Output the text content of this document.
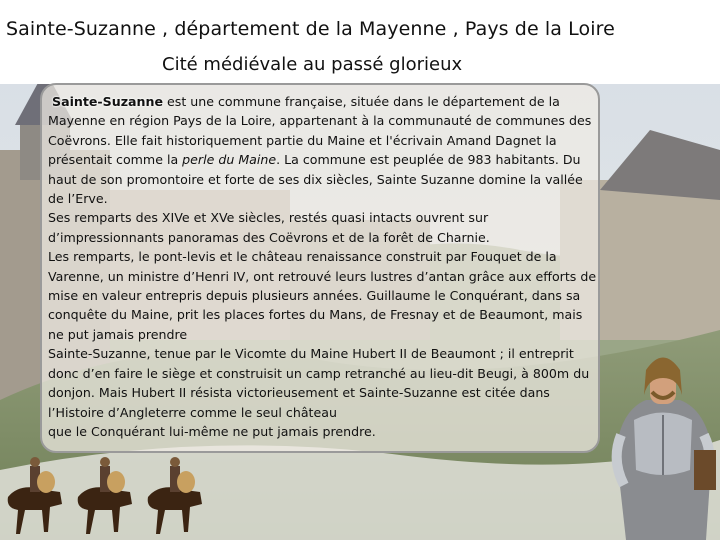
Sainte-Suzanne , département de la Mayenne , Pays de la Loire
Cité médiévale au passé glorieux

Sainte-Suzanne est une commune française, située dans le département de la Mayenne en région Pays de la Loire, appartenant à la communauté de communes des Coëvrons. Elle fait historiquement partie du Maine et l'écrivain Amand Dagnet la présentait comme la perle du Maine. La commune est peuplée de 983 habitants. Du haut de son promontoire et forte de ses dix siècles, Sainte Suzanne domine la vallée de l’Erve.

Ses remparts des XIVe et XVe siècles, restés quasi intacts ouvrent sur d’impressionnants panoramas des Coëvrons et de la forêt de Charnie.

Les remparts, le pont-levis et le château renaissance construit par Fouquet de la Varenne, un ministre d’Henri IV, ont retrouvé leurs lustres d’antan grâce aux efforts de mise en valeur entrepris depuis plusieurs années. Guillaume le Conquérant, dans sa conquête du Maine, prit les places fortes du Mans, de Fresnay et de Beaumont, mais ne put jamais prendre

Sainte-Suzanne, tenue par le Vicomte du Maine Hubert II de Beaumont ; il entreprit donc d’en faire le siège et construisit un camp retranché au lieu-dit Beugi, à 800m du donjon. Mais Hubert II résista victorieusement et Sainte-Suzanne est citée dans l’Histoire d’Angleterre comme le seul château

que le Conquérant lui-même ne put jamais prendre.
